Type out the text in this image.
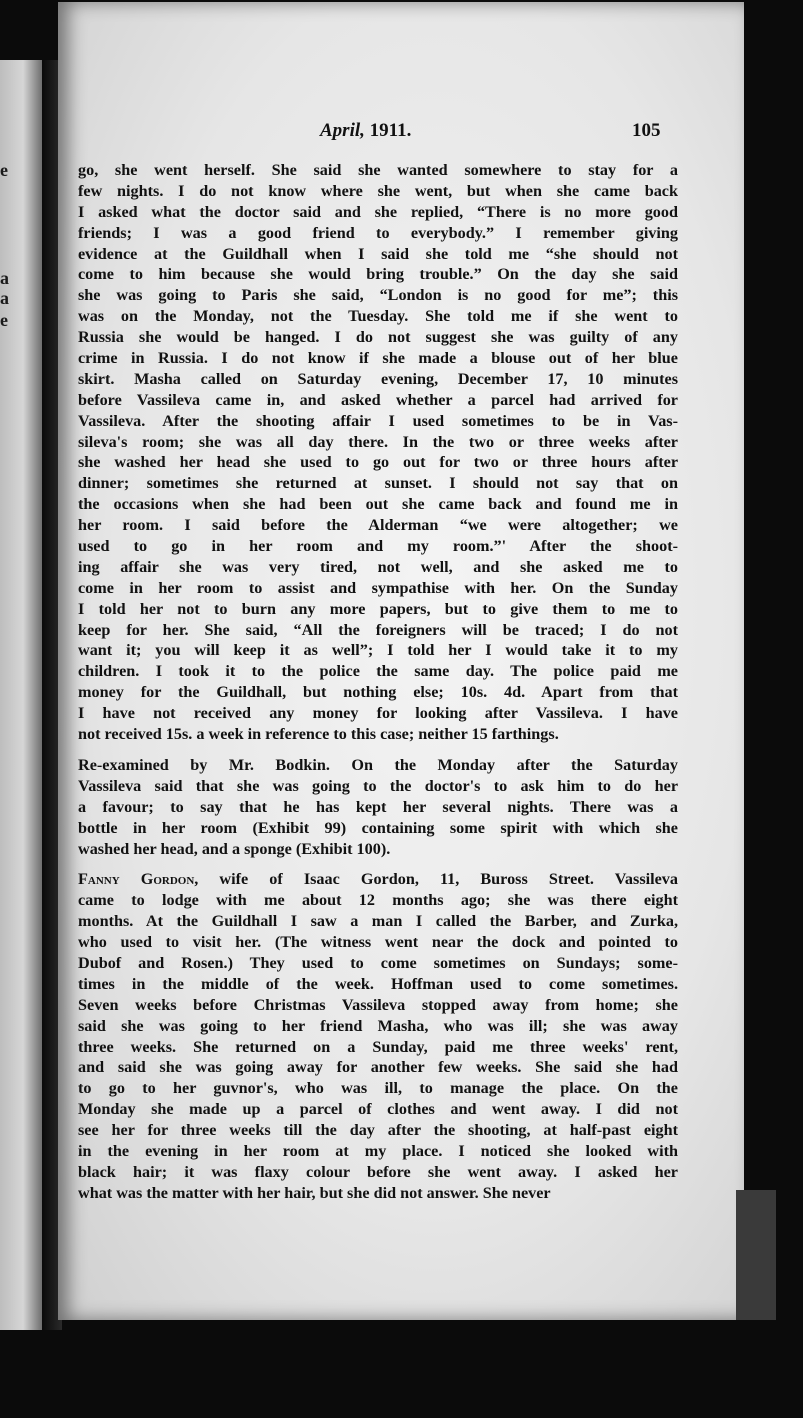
e
a
a
e
April, 1911.	105
go, she went herself. She said she wanted somewhere to stay for a
few nights. I do not know where she went, but when she came back
I asked what the doctor said and she replied, “There is no more good
friends; I was a good friend to everybody.” I remember giving
evidence at the Guildhall when I said she told me “she should not
come to him because she would bring trouble.” On the day she said
she was going to Paris she said, “London is no good for me”; this
was on the Monday, not the Tuesday. She told me if she went to
Russia she would be hanged. I do not suggest she was guilty of any
crime in Russia. I do not know if she made a blouse out of her blue
skirt. Masha called on Saturday evening, December 17, 10 minutes
before Vassileva came in, and asked whether a parcel had arrived for
Vassileva. After the shooting affair I used sometimes to be in Vas-
sileva's room; she was all day there. In the two or three weeks after
she washed her head she used to go out for two or three hours after
dinner; sometimes she returned at sunset. I should not say that on
the occasions when she had been out she came back and found me in
her room. I said before the Alderman “we were altogether; we
used to go in her room and my room.”' After the shoot-
ing affair she was very tired, not well, and she asked me to
come in her room to assist and sympathise with her. On the Sunday
I told her not to burn any more papers, but to give them to me to
keep for her. She said, “All the foreigners will be traced; I do not
want it; you will keep it as well”; I told her I would take it to my
children. I took it to the police the same day. The police paid me
money for the Guildhall, but nothing else; 10s. 4d. Apart from that
I have not received any money for looking after Vassileva. I have
not received 15s. a week in reference to this case; neither 15 farthings.
Re-examined by Mr. Bodkin. On the Monday after the Saturday
Vassileva said that she was going to the doctor's to ask him to do her
a favour; to say that he has kept her several nights. There was a
bottle in her room (Exhibit 99) containing some spirit with which she
washed her head, and a sponge (Exhibit 100).
Fanny Gordon, wife of Isaac Gordon, 11, Buross Street. Vassileva
came to lodge with me about 12 months ago; she was there eight
months. At the Guildhall I saw a man I called the Barber, and Zurka,
who used to visit her. (The witness went near the dock and pointed to
Dubof and Rosen.) They used to come sometimes on Sundays; some-
times in the middle of the week. Hoffman used to come sometimes.
Seven weeks before Christmas Vassileva stopped away from home; she
said she was going to her friend Masha, who was ill; she was away
three weeks. She returned on a Sunday, paid me three weeks' rent,
and said she was going away for another few weeks. She said she had
to go to her guvnor's, who was ill, to manage the place. On the
Monday she made up a parcel of clothes and went away. I did not
see her for three weeks till the day after the shooting, at half-past eight
in the evening in her room at my place. I noticed she looked with
black hair; it was flaxy colour before she went away. I asked her
what was the matter with her hair, but she did not answer. She never
